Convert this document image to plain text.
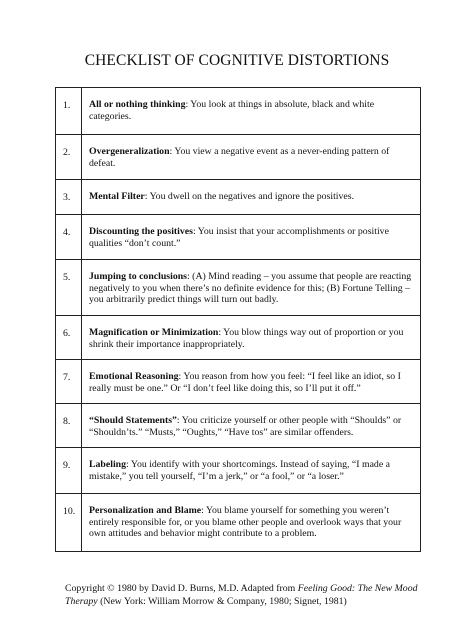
CHECKLIST OF COGNITIVE DISTORTIONS
1.	All or nothing thinking: You look at things in absolute, black and white categories.
2.	Overgeneralization: You view a negative event as a never-ending pattern of defeat.
3.	Mental Filter: You dwell on the negatives and ignore the positives.
4.	Discounting the positives: You insist that your accomplishments or positive qualities “don’t count.”
5.	Jumping to conclusions: (A) Mind reading – you assume that people are reacting negatively to you when there’s no definite evidence for this; (B) Fortune Telling – you arbitrarily predict things will turn out badly.
6.	Magnification or Minimization: You blow things way out of proportion or you shrink their importance inappropriately.
7.	Emotional Reasoning: You reason from how you feel: “I feel like an idiot, so I really must be one.” Or “I don’t feel like doing this, so I’ll put it off.”
8.	“Should Statements”: You criticize yourself or other people with “Shoulds” or “Shouldn’ts.” “Musts,” “Oughts,” “Have tos” are similar offenders.
9.	Labeling: You identify with your shortcomings. Instead of saying, “I made a mistake,” you tell yourself, “I’m a jerk,” or “a fool,” or “a loser.”
10.	Personalization and Blame: You blame yourself for something you weren’t entirely responsible for, or you blame other people and overlook ways that your own attitudes and behavior might contribute to a problem.
Copyright © 1980 by David D. Burns, M.D. Adapted from Feeling Good: The New Mood Therapy (New York: William Morrow & Company, 1980; Signet, 1981)
